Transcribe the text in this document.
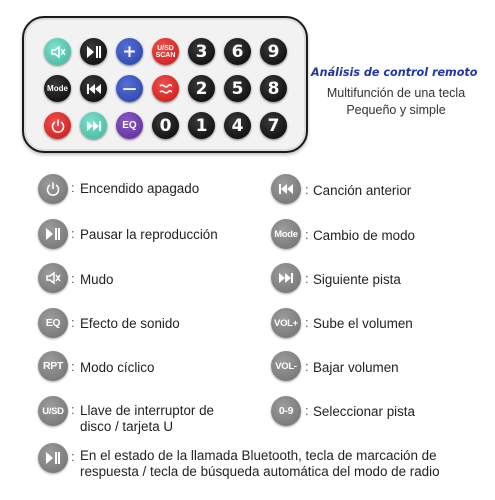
+	U/SD
SCAN 3 6 9
Mode	—	2 5 8
EQ 0 1 4 7
Análisis de control remoto
Multifunción de una tecla
Pequeño y simple
: Encendido apagado
: Pausar la reproducción
: Mudo
EQ : Efecto de sonido
RPT : Modo cíclico
U/SD : Llave de interruptor de
disco / tarjeta U
: En el estado de la llamada Bluetooth, tecla de marcación de
respuesta / tecla de búsqueda automática del modo de radio
: Canción anterior
Mode : Cambio de modo
: Siguiente pista
VOL+ : Sube el volumen
VOL- : Bajar volumen
0-9 : Seleccionar pista
